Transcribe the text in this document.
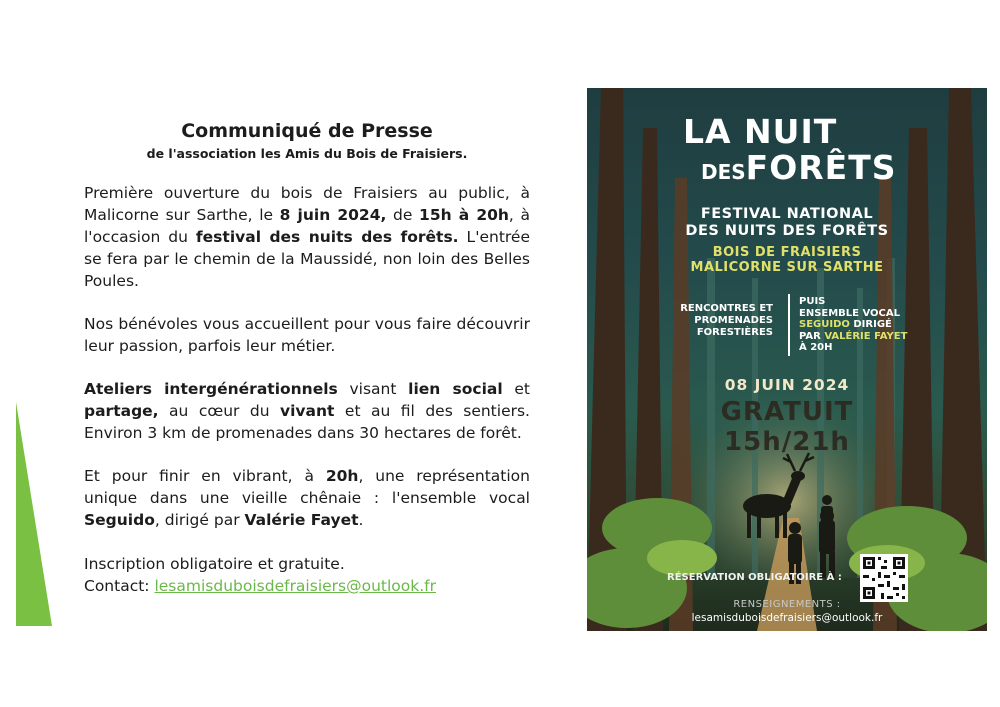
Communiqué de Presse
de l'association les Amis du Bois de Fraisiers.

Première ouverture du bois de Fraisiers au public, à Malicorne sur Sarthe, le 8 juin 2024, de 15h à 20h, à l'occasion du festival des nuits des forêts. L'entrée se fera par le chemin de la Maussidé, non loin des Belles Poules.

Nos bénévoles vous accueillent pour vous faire découvrir leur passion, parfois leur métier.

Ateliers intergénérationnels visant lien social et partage, au cœur du vivant et au fil des sentiers. Environ 3 km de promenades dans 30 hectares de forêt.

Et pour finir en vibrant, à 20h, une représentation unique dans une vieille chênaie : l'ensemble vocal Seguido, dirigé par Valérie Fayet.

Inscription obligatoire et gratuite.
Contact: lesamisduboisdefraisiers@outlook.fr

LA NUIT
DESFORÊTS
FESTIVAL NATIONAL
DES NUITS DES FORÊTS
BOIS DE FRAISIERS
MALICORNE SUR SARTHE
RENCONTRES ET
PROMENADES
FORESTIÈRES
PUIS
ENSEMBLE VOCAL
SEGUIDO DIRIGÉ
PAR VALÉRIE FAYET
À 20H
08 JUIN 2024
GRATUIT
15h/21h
RÉSERVATION OBLIGATOIRE À :
RENSEIGNEMENTS :
lesamisduboisdefraisiers@outlook.fr
